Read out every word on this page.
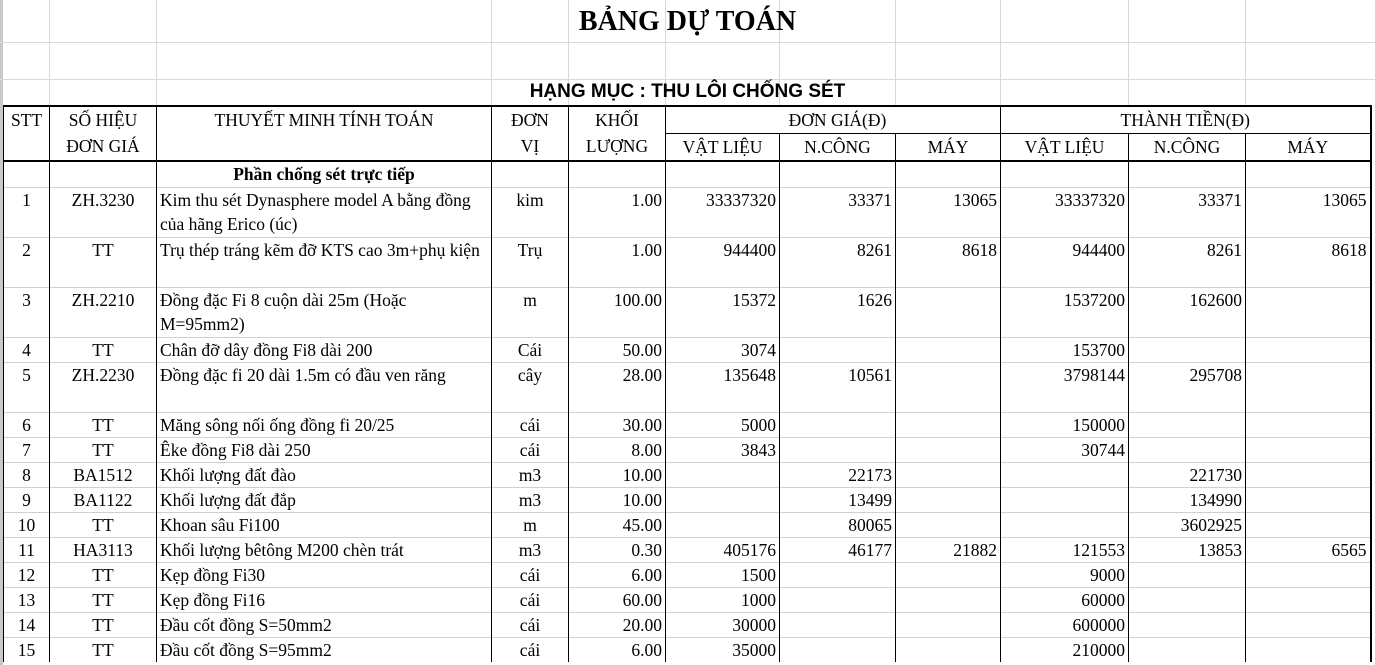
BẢNG DỰ TOÁN
HẠNG MỤC : THU LÔI CHỐNG SÉT
STT	SỐ HIỆU	THUYẾT MINH TÍNH TOÁN	ĐƠN	KHỐI		ĐƠN GIÁ(Đ)		THÀNH TIỀN(Đ)		
	ĐƠN GIÁ		VỊ	LƯỢNG	VẬT LIỆU	N.CÔNG	MÁY	VẬT LIỆU	N.CÔNG	MÁY
		Phần chống sét trực tiếp								
1	ZH.3230	Kim thu sét Dynasphere model A bằng đồng của hãng Erico (úc)	kim	1.00	33337320	33371	13065	33337320	33371	13065
2	TT	Trụ thép tráng kẽm đỡ KTS cao 3m+phụ kiện	Trụ	1.00	944400	8261	8618	944400	8261	8618
3	ZH.2210	Đồng đặc Fi 8 cuộn dài 25m (Hoặc M=95mm2)	m	100.00	15372	1626		1537200	162600	
4	TT	Chân đỡ dây đồng Fi8 dài 200	Cái	50.00	3074			153700		
5	ZH.2230	Đồng đặc fi 20 dài 1.5m có đầu ven răng	cây	28.00	135648	10561		3798144	295708	
6	TT	Măng sông nối ống đồng fi 20/25	cái	30.00	5000			150000		
7	TT	Êke đồng Fi8 dài 250	cái	8.00	3843			30744		
8	BA1512	Khối lượng đất đào	m3	10.00		22173			221730	
9	BA1122	Khối lượng đất đắp	m3	10.00		13499			134990	
10	TT	Khoan sâu Fi100	m	45.00		80065			3602925	
11	HA3113	Khối lượng bêtông M200 chèn trát	m3	0.30	405176	46177	21882	121553	13853	6565
12	TT	Kẹp đồng Fi30	cái	6.00	1500			9000		
13	TT	Kẹp đồng Fi16	cái	60.00	1000			60000		
14	TT	Đầu cốt đồng S=50mm2	cái	20.00	30000			600000		
15	TT	Đầu cốt đồng S=95mm2	cái	6.00	35000			210000		
